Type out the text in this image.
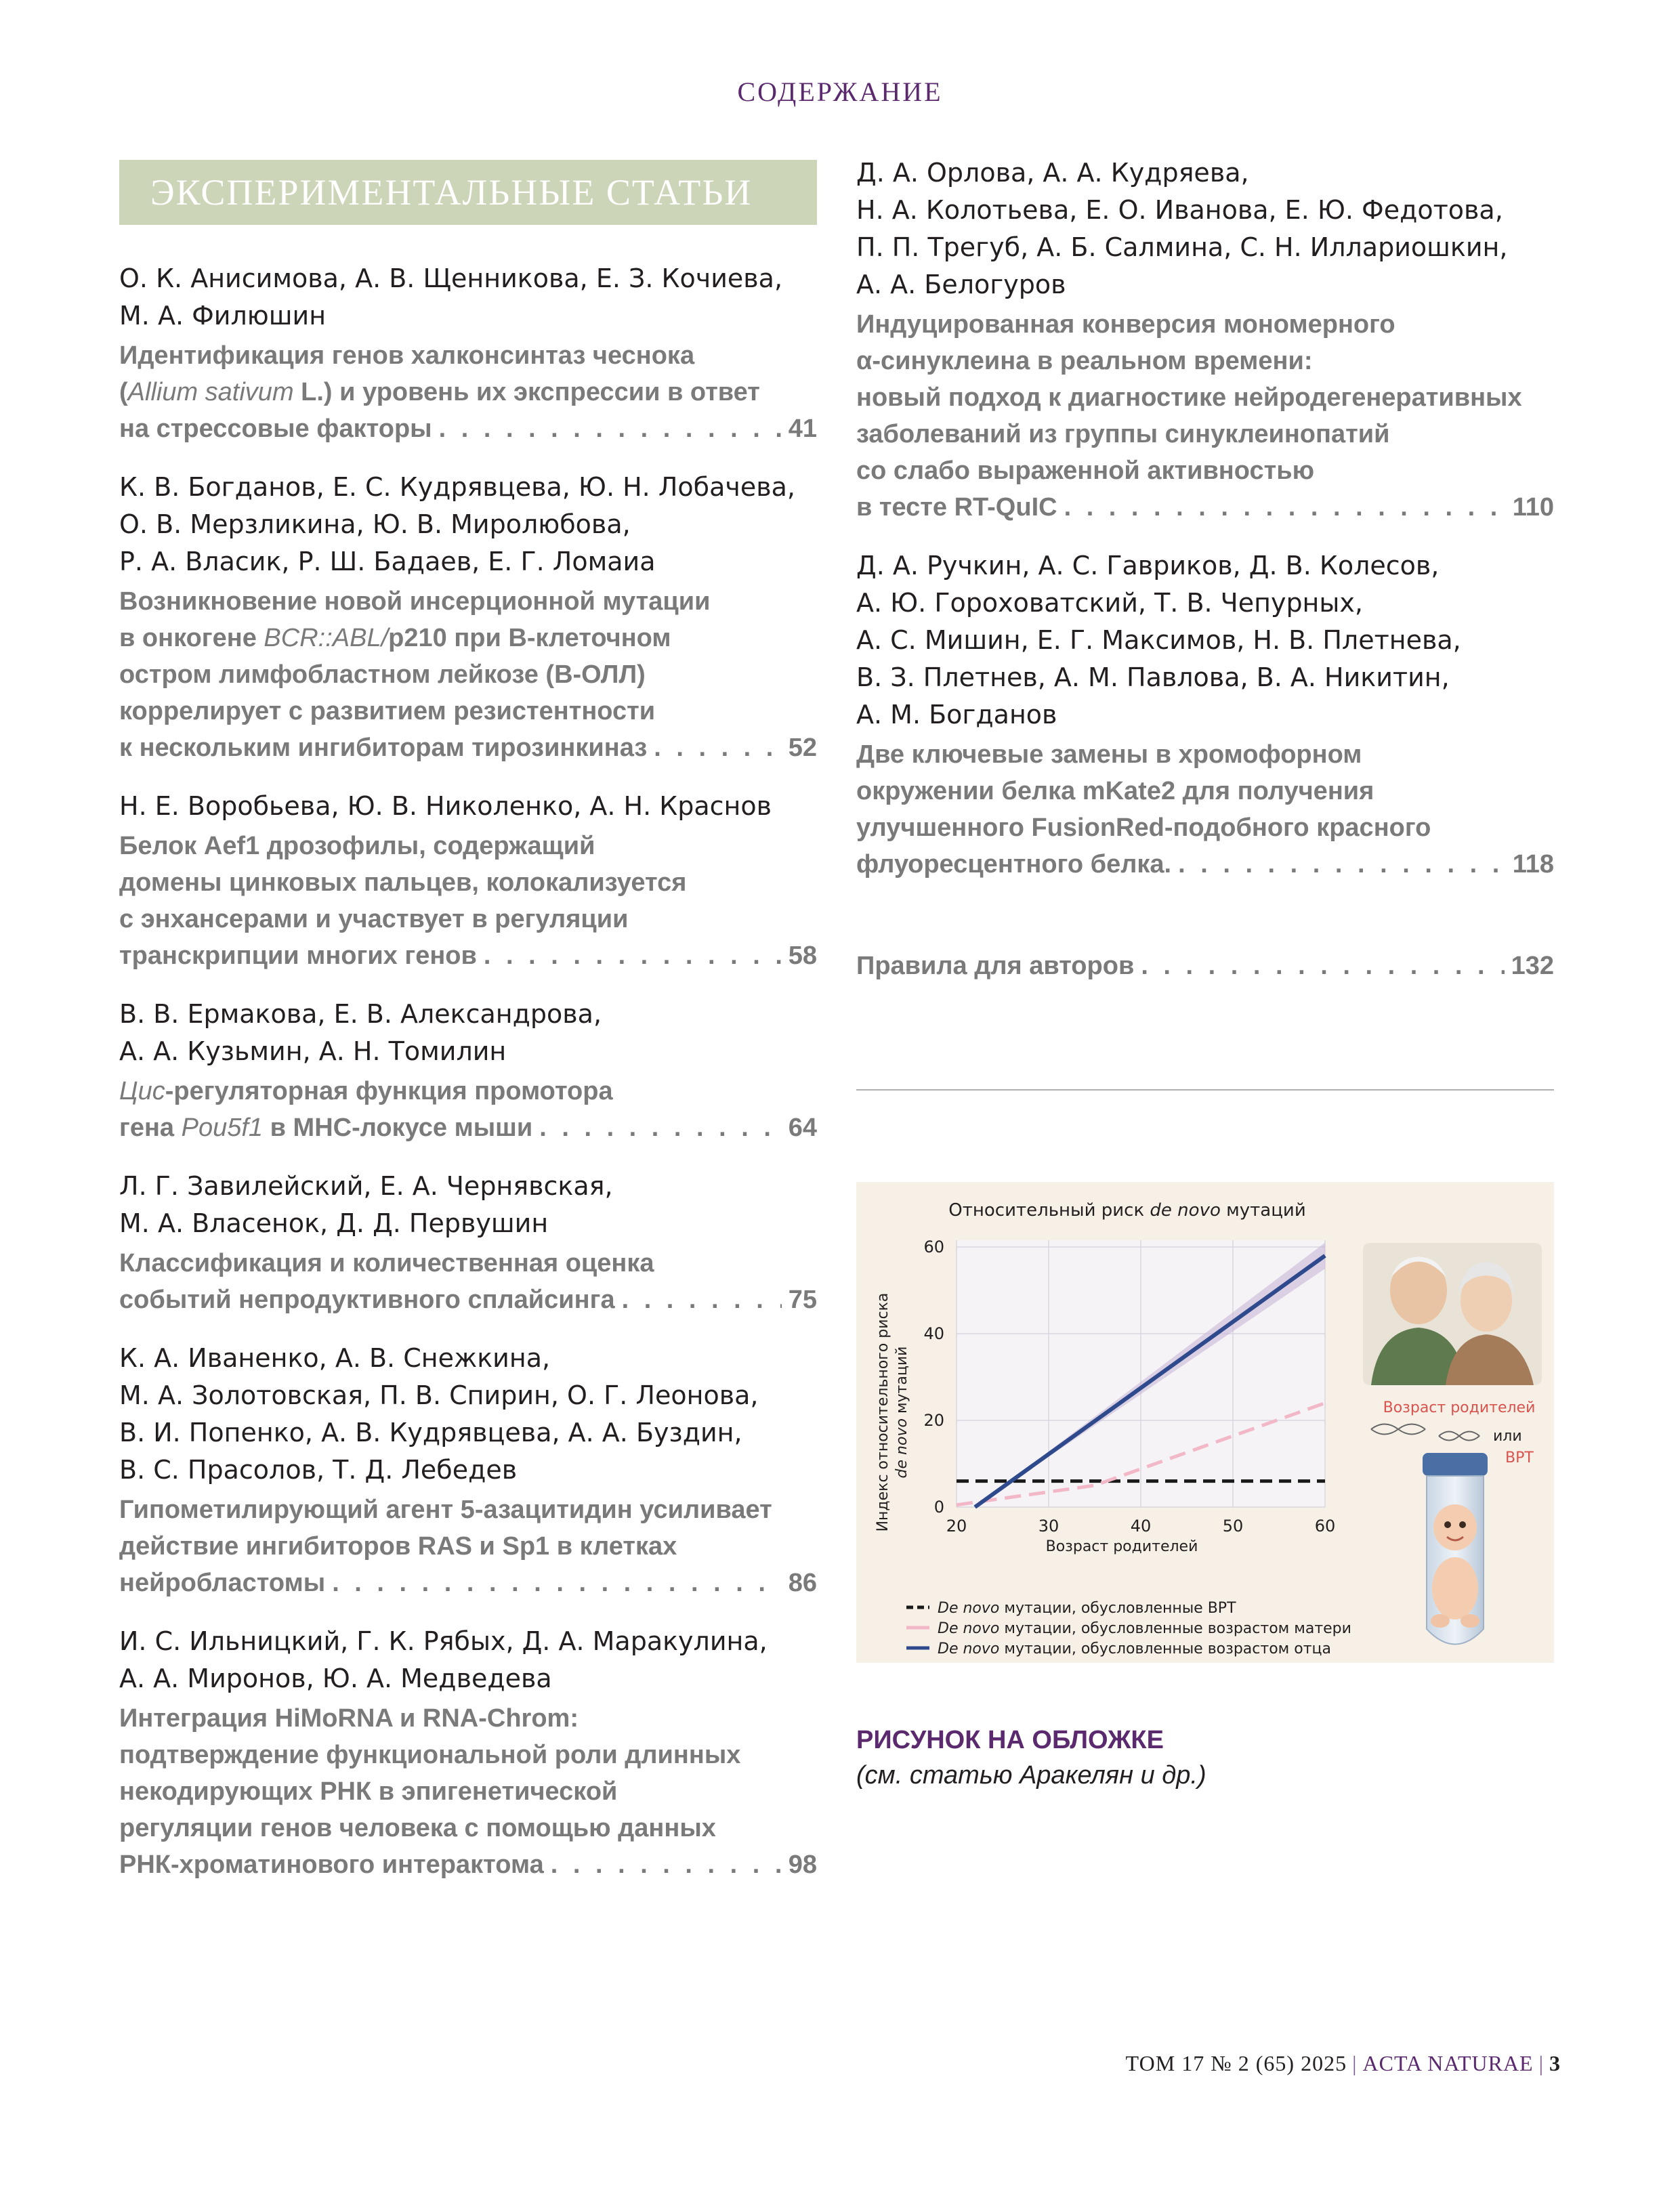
СОДЕРЖАНИЕ
ЭКСПЕРИМЕНТАЛЬНЫЕ СТАТЬИ
О. К. Анисимова, А. В. Щенникова, Е. З. Кочиева,
М. А. Филюшин
Идентификация генов халконсинтаз чеснока
(Allium sativum L.) и уровень их экспрессии в ответ
на стрессовые факторы . . .	41
К. В. Богданов, Е. С. Кудрявцева, Ю. Н. Лобачева,
О. В. Мерзликина, Ю. В. Миролюбова,
Р. А. Власик, Р. Ш. Бадаев, Е. Г. Ломаиа
Возникновение новой инсерционной мутации
в онкогене BCR::ABL/p210 при В-клеточном
остром лимфобластном лейкозе (В-ОЛЛ)
коррелирует с развитием резистентности
к нескольким ингибиторам тирозинкиназ . . .	52
Н. Е. Воробьева, Ю. В. Николенко, А. Н. Краснов
Белок Aef1 дрозофилы, содержащий
домены цинковых пальцев, колокализуется
с энхансерами и участвует в регуляции
транскрипции многих генов . . .	58
В. В. Ермакова, Е. В. Александрова,
А. А. Кузьмин, А. Н. Томилин
Цис-регуляторная функция промотора
гена Pou5f1 в МНС-локусе мыши . . .	64
Л. Г. Завилейский, Е. А. Чернявская,
М. А. Власенок, Д. Д. Первушин
Классификация и количественная оценка
событий непродуктивного сплайсинга . . .	75
К. А. Иваненко, А. В. Снежкина,
М. А. Золотовская, П. В. Спирин, О. Г. Леонова,
В. И. Попенко, А. В. Кудрявцева, А. А. Буздин,
В. С. Прасолов, Т. Д. Лебедев
Гипометилирующий агент 5-азацитидин усиливает
действие ингибиторов RAS и Sp1 в клетках
нейробластомы . . .	86
И. С. Ильницкий, Г. К. Рябых, Д. А. Маракулина,
А. А. Миронов, Ю. А. Медведева
Интеграция HiMoRNA и RNA-Chrom:
подтверждение функциональной роли длинных
некодирующих РНК в эпигенетической
регуляции генов человека с помощью данных
РНК-хроматинового интерактома . . .	98
Д. А. Орлова, А. А. Кудряева,
Н. А. Колотьева, Е. О. Иванова, Е. Ю. Федотова,
П. П. Трегуб, А. Б. Салмина, С. Н. Иллариошкин,
А. А. Белогуров
Индуцированная конверсия мономерного
α-синуклеина в реальном времени:
новый подход к диагностике нейродегенеративных
заболеваний из группы синуклеинопатий
со слабо выраженной активностью
в тесте RT-QuIC . . .	110
Д. А. Ручкин, А. С. Гавриков, Д. В. Колесов,
А. Ю. Гороховатский, Т. В. Чепурных,
А. С. Мишин, Е. Г. Максимов, Н. В. Плетнева,
В. З. Плетнев, А. М. Павлова, В. А. Никитин,
А. М. Богданов
Две ключевые замены в хромофорном
окружении белка mKate2 для получения
улучшенного FusionRed-подобного красного
флуоресцентного белка. . . .	118
Правила для авторов . . .	132
Относительный риск de novo мутаций
20	30	40	50	60
0
20
40
60
Индекс относительного риска de novo мутаций
Возраст родителей
Возраст родителей
или
ВРТ
De novo мутации, обусловленные ВРТ
De novo мутации, обусловленные возрастом матери
De novo мутации, обусловленные возрастом отца
РИСУНОК НА ОБЛОЖКЕ
(см. статью Аракелян и др.)
ТОМ 17 № 2 (65) 2025 | ACTA NATURAE | 3
